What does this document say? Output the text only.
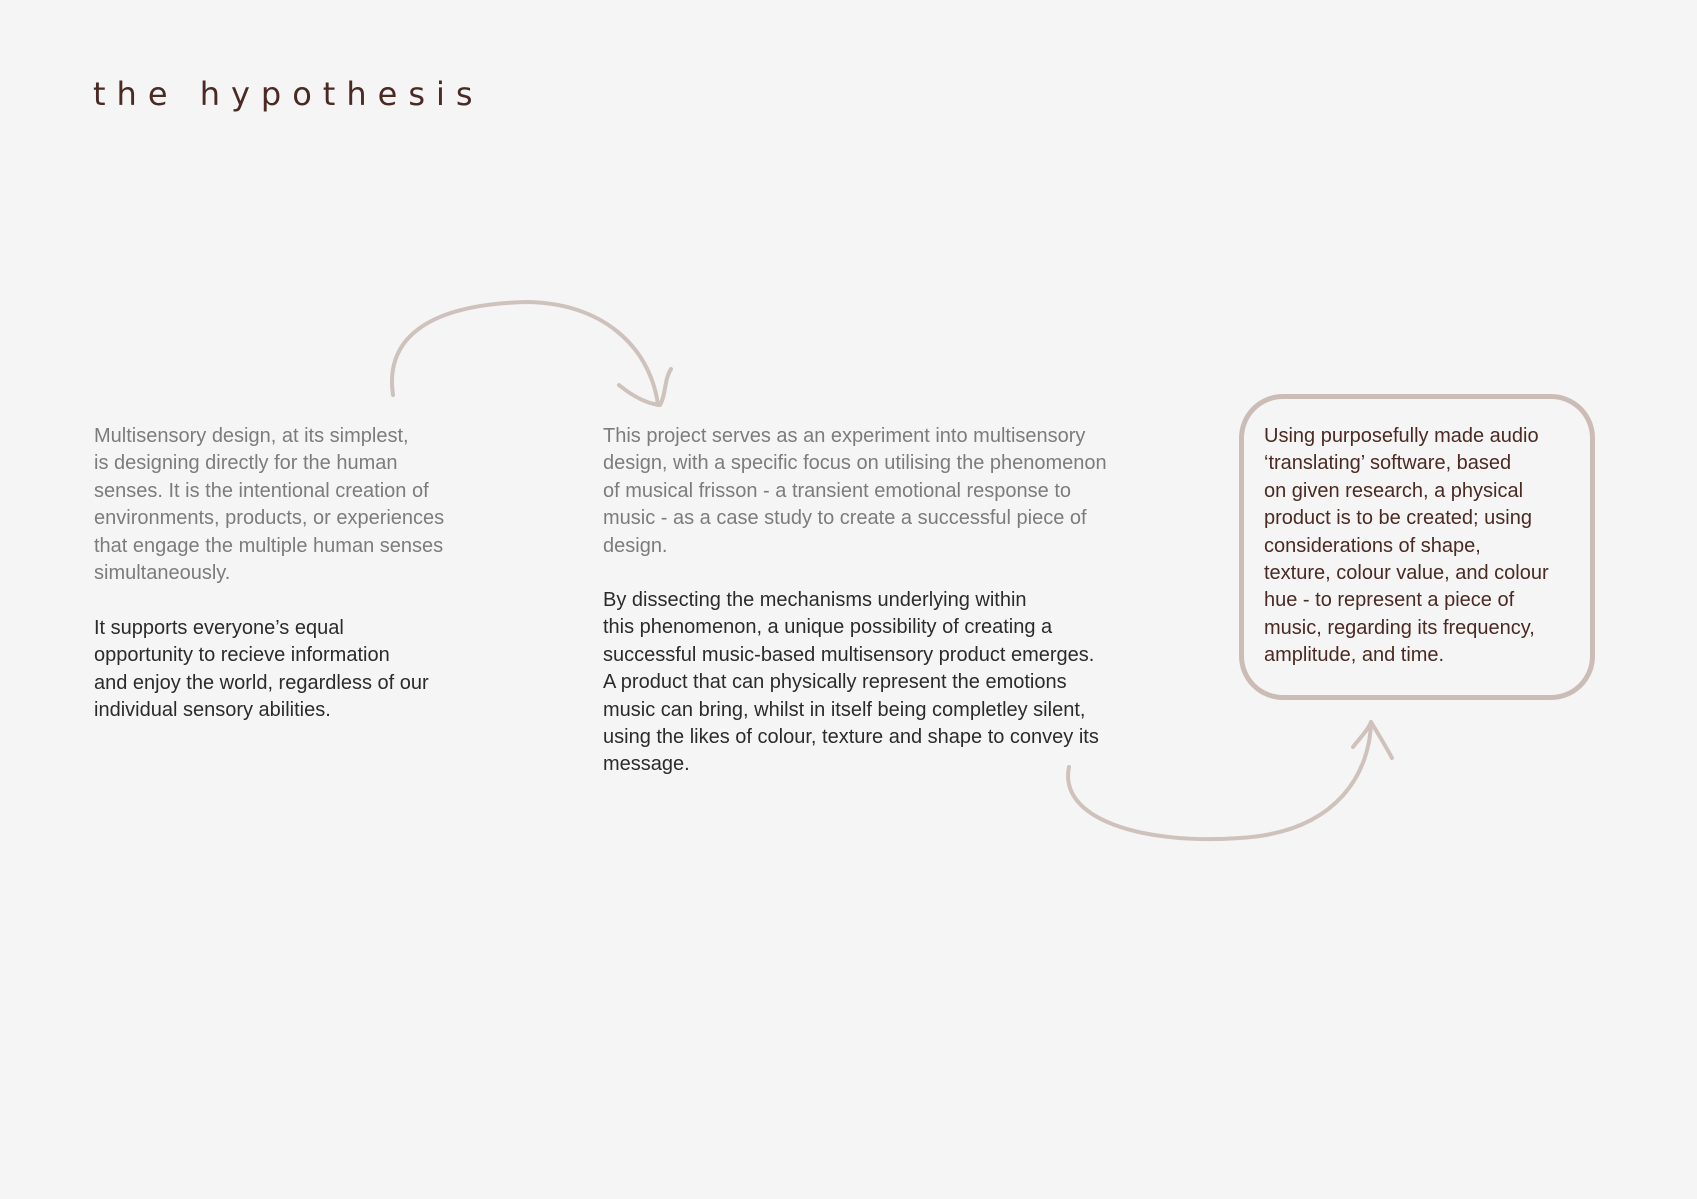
the hypothesis

Multisensory design, at its simplest,
is designing directly for the human
senses. It is the intentional creation of
environments, products, or experiences
that engage the multiple human senses
simultaneously.

It supports everyone’s equal
opportunity to recieve information
and enjoy the world, regardless of our
individual sensory abilities.

This project serves as an experiment into multisensory
design, with a specific focus on utilising the phenomenon
of musical frisson - a transient emotional response to
music - as a case study to create a successful piece of
design.

By dissecting the mechanisms underlying within
this phenomenon, a unique possibility of creating a
successful music-based multisensory product emerges.
A product that can physically represent the emotions
music can bring, whilst in itself being completley silent,
using the likes of colour, texture and shape to convey its
message.

Using purposefully made audio
‘translating’ software, based
on given research, a physical
product is to be created; using
considerations of shape,
texture, colour value, and colour
hue - to represent a piece of
music, regarding its frequency,
amplitude, and time.
